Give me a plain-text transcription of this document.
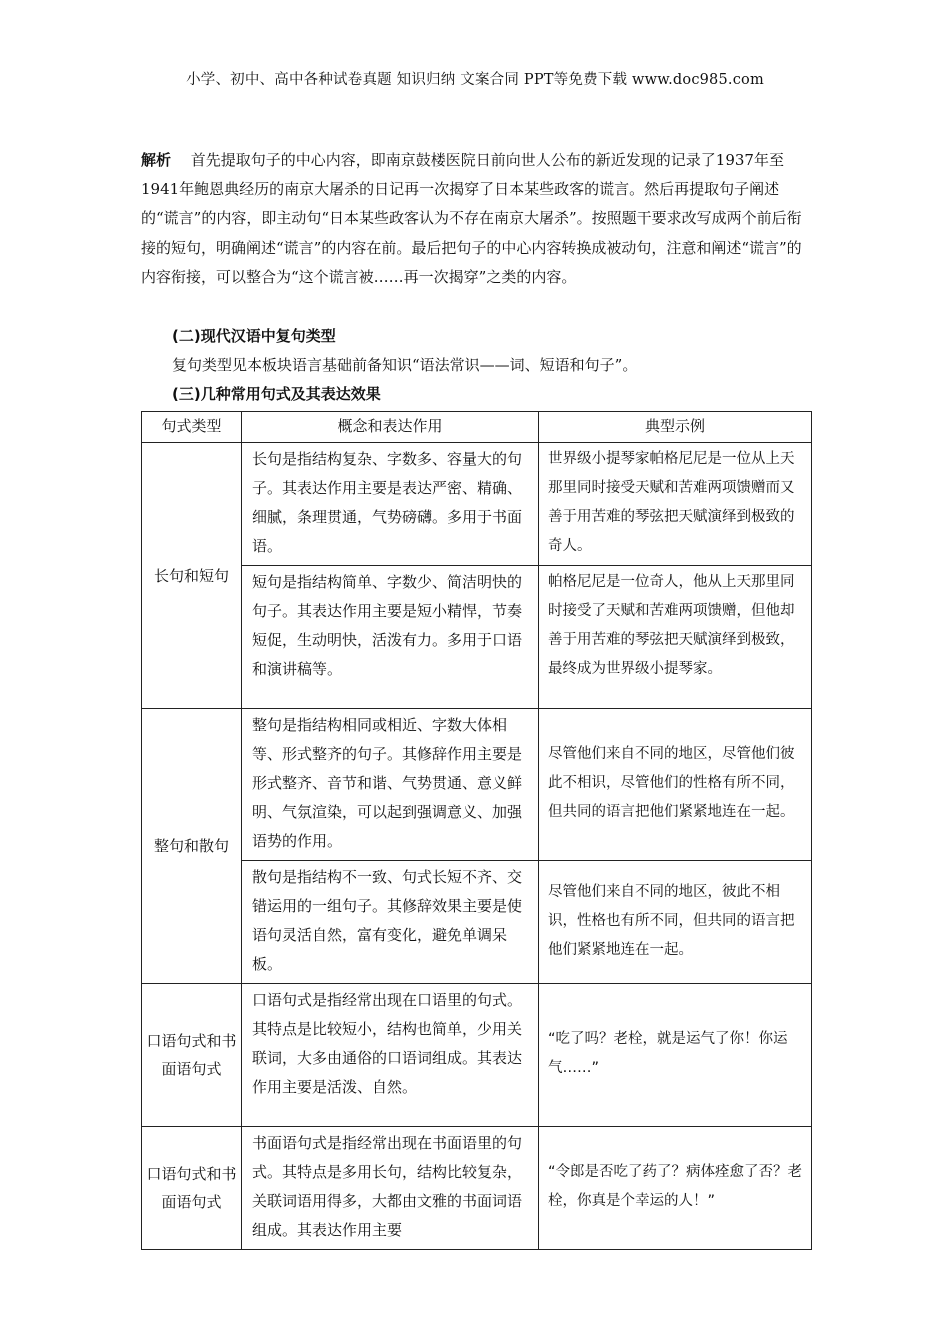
小学、初中、高中各种试卷真题 知识归纳 文案合同 PPT等免费下载 www.doc985.com
解析　 首先提取句子的中心内容，即南京鼓楼医院日前向世人公布的新近发现的记录了1937年至1941年鲍恩典经历的南京大屠杀的日记再一次揭穿了日本某些政客的谎言。然后再提取句子阐述的“谎言”的内容，即主动句“日本某些政客认为不存在南京大屠杀”。按照题干要求改写成两个前后衔接的短句，明确阐述“谎言”的内容在前。最后把句子的中心内容转换成被动句，注意和阐述“谎言”的内容衔接，可以整合为“这个谎言被……再一次揭穿”之类的内容。
(二)现代汉语中复句类型
复句类型见本板块语言基础前备知识“语法常识——词、短语和句子”。
(三)几种常用句式及其表达效果
句式类型	概念和表达作用	典型示例
长句和短句	长句是指结构复杂、字数多、容量大的句子。其表达作用主要是表达严密、精确、细腻，条理贯通，气势磅礴。多用于书面语。	世界级小提琴家帕格尼尼是一位从上天那里同时接受天赋和苦难两项馈赠而又善于用苦难的琴弦把天赋演绎到极致的奇人。
	短句是指结构简单、字数少、简洁明快的句子。其表达作用主要是短小精悍，节奏短促，生动明快，活泼有力。多用于口语和演讲稿等。	帕格尼尼是一位奇人，他从上天那里同时接受了天赋和苦难两项馈赠，但他却善于用苦难的琴弦把天赋演绎到极致，最终成为世界级小提琴家。
整句和散句	整句是指结构相同或相近、字数大体相等、形式整齐的句子。其修辞作用主要是形式整齐、音节和谐、气势贯通、意义鲜明、气氛渲染，可以起到强调意义、加强语势的作用。	尽管他们来自不同的地区，尽管他们彼此不相识，尽管他们的性格有所不同，但共同的语言把他们紧紧地连在一起。
	散句是指结构不一致、句式长短不齐、交错运用的一组句子。其修辞效果主要是使语句灵活自然，富有变化，避免单调呆板。	尽管他们来自不同的地区，彼此不相识，性格也有所不同，但共同的语言把他们紧紧地连在一起。
口语句式和书面语句式	口语句式是指经常出现在口语里的句式。其特点是比较短小，结构也简单，少用关联词，大多由通俗的口语词组成。其表达作用主要是活泼、自然。	“吃了吗？老栓，就是运气了你！你运气……”
口语句式和书面语句式	书面语句式是指经常出现在书面语里的句式。其特点是多用长句，结构比较复杂，关联词语用得多，大都由文雅的书面词语组成。其表达作用主要	“令郎是否吃了药了？病体痊愈了否？老栓，你真是个幸运的人！”
